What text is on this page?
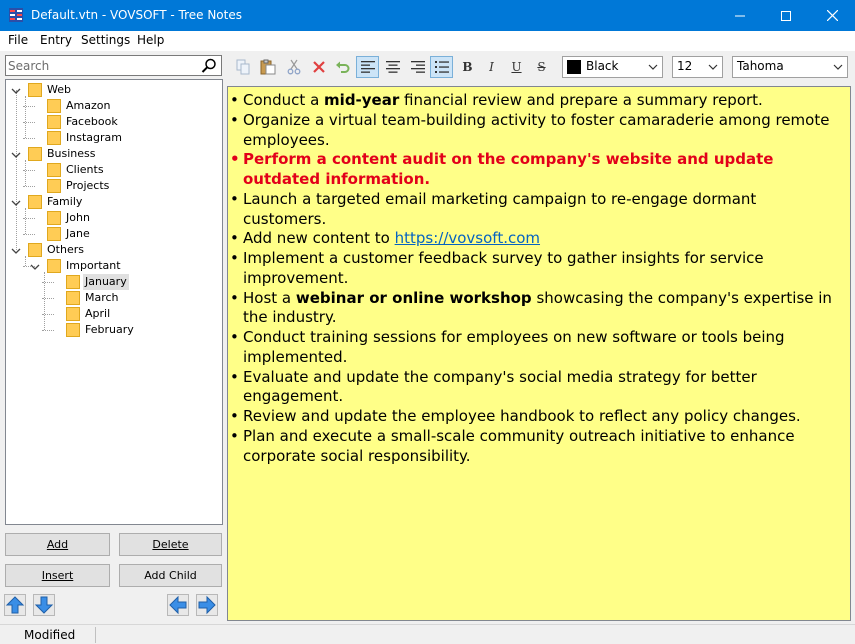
Default.vtn - VOVSOFT - Tree Notes
File Entry Settings Help
Search
Web
Amazon
Facebook
Instagram
Business
Clients
Projects
Family
John
Jane
Others
Important
January
March
April
February
Add	Delete
Insert	Add Child
B I U S	Black	12	Tahoma
• Conduct a mid-year financial review and prepare a summary report.
• Organize a virtual team-building activity to foster camaraderie among remote employees.
• Perform a content audit on the company's website and update outdated information.
• Launch a targeted email marketing campaign to re-engage dormant customers.
• Add new content to https://vovsoft.com
• Implement a customer feedback survey to gather insights for service improvement.
• Host a webinar or online workshop showcasing the company's expertise in the industry.
• Conduct training sessions for employees on new software or tools being implemented.
• Evaluate and update the company's social media strategy for better engagement.
• Review and update the employee handbook to reflect any policy changes.
• Plan and execute a small-scale community outreach initiative to enhance corporate social responsibility.
Modified
